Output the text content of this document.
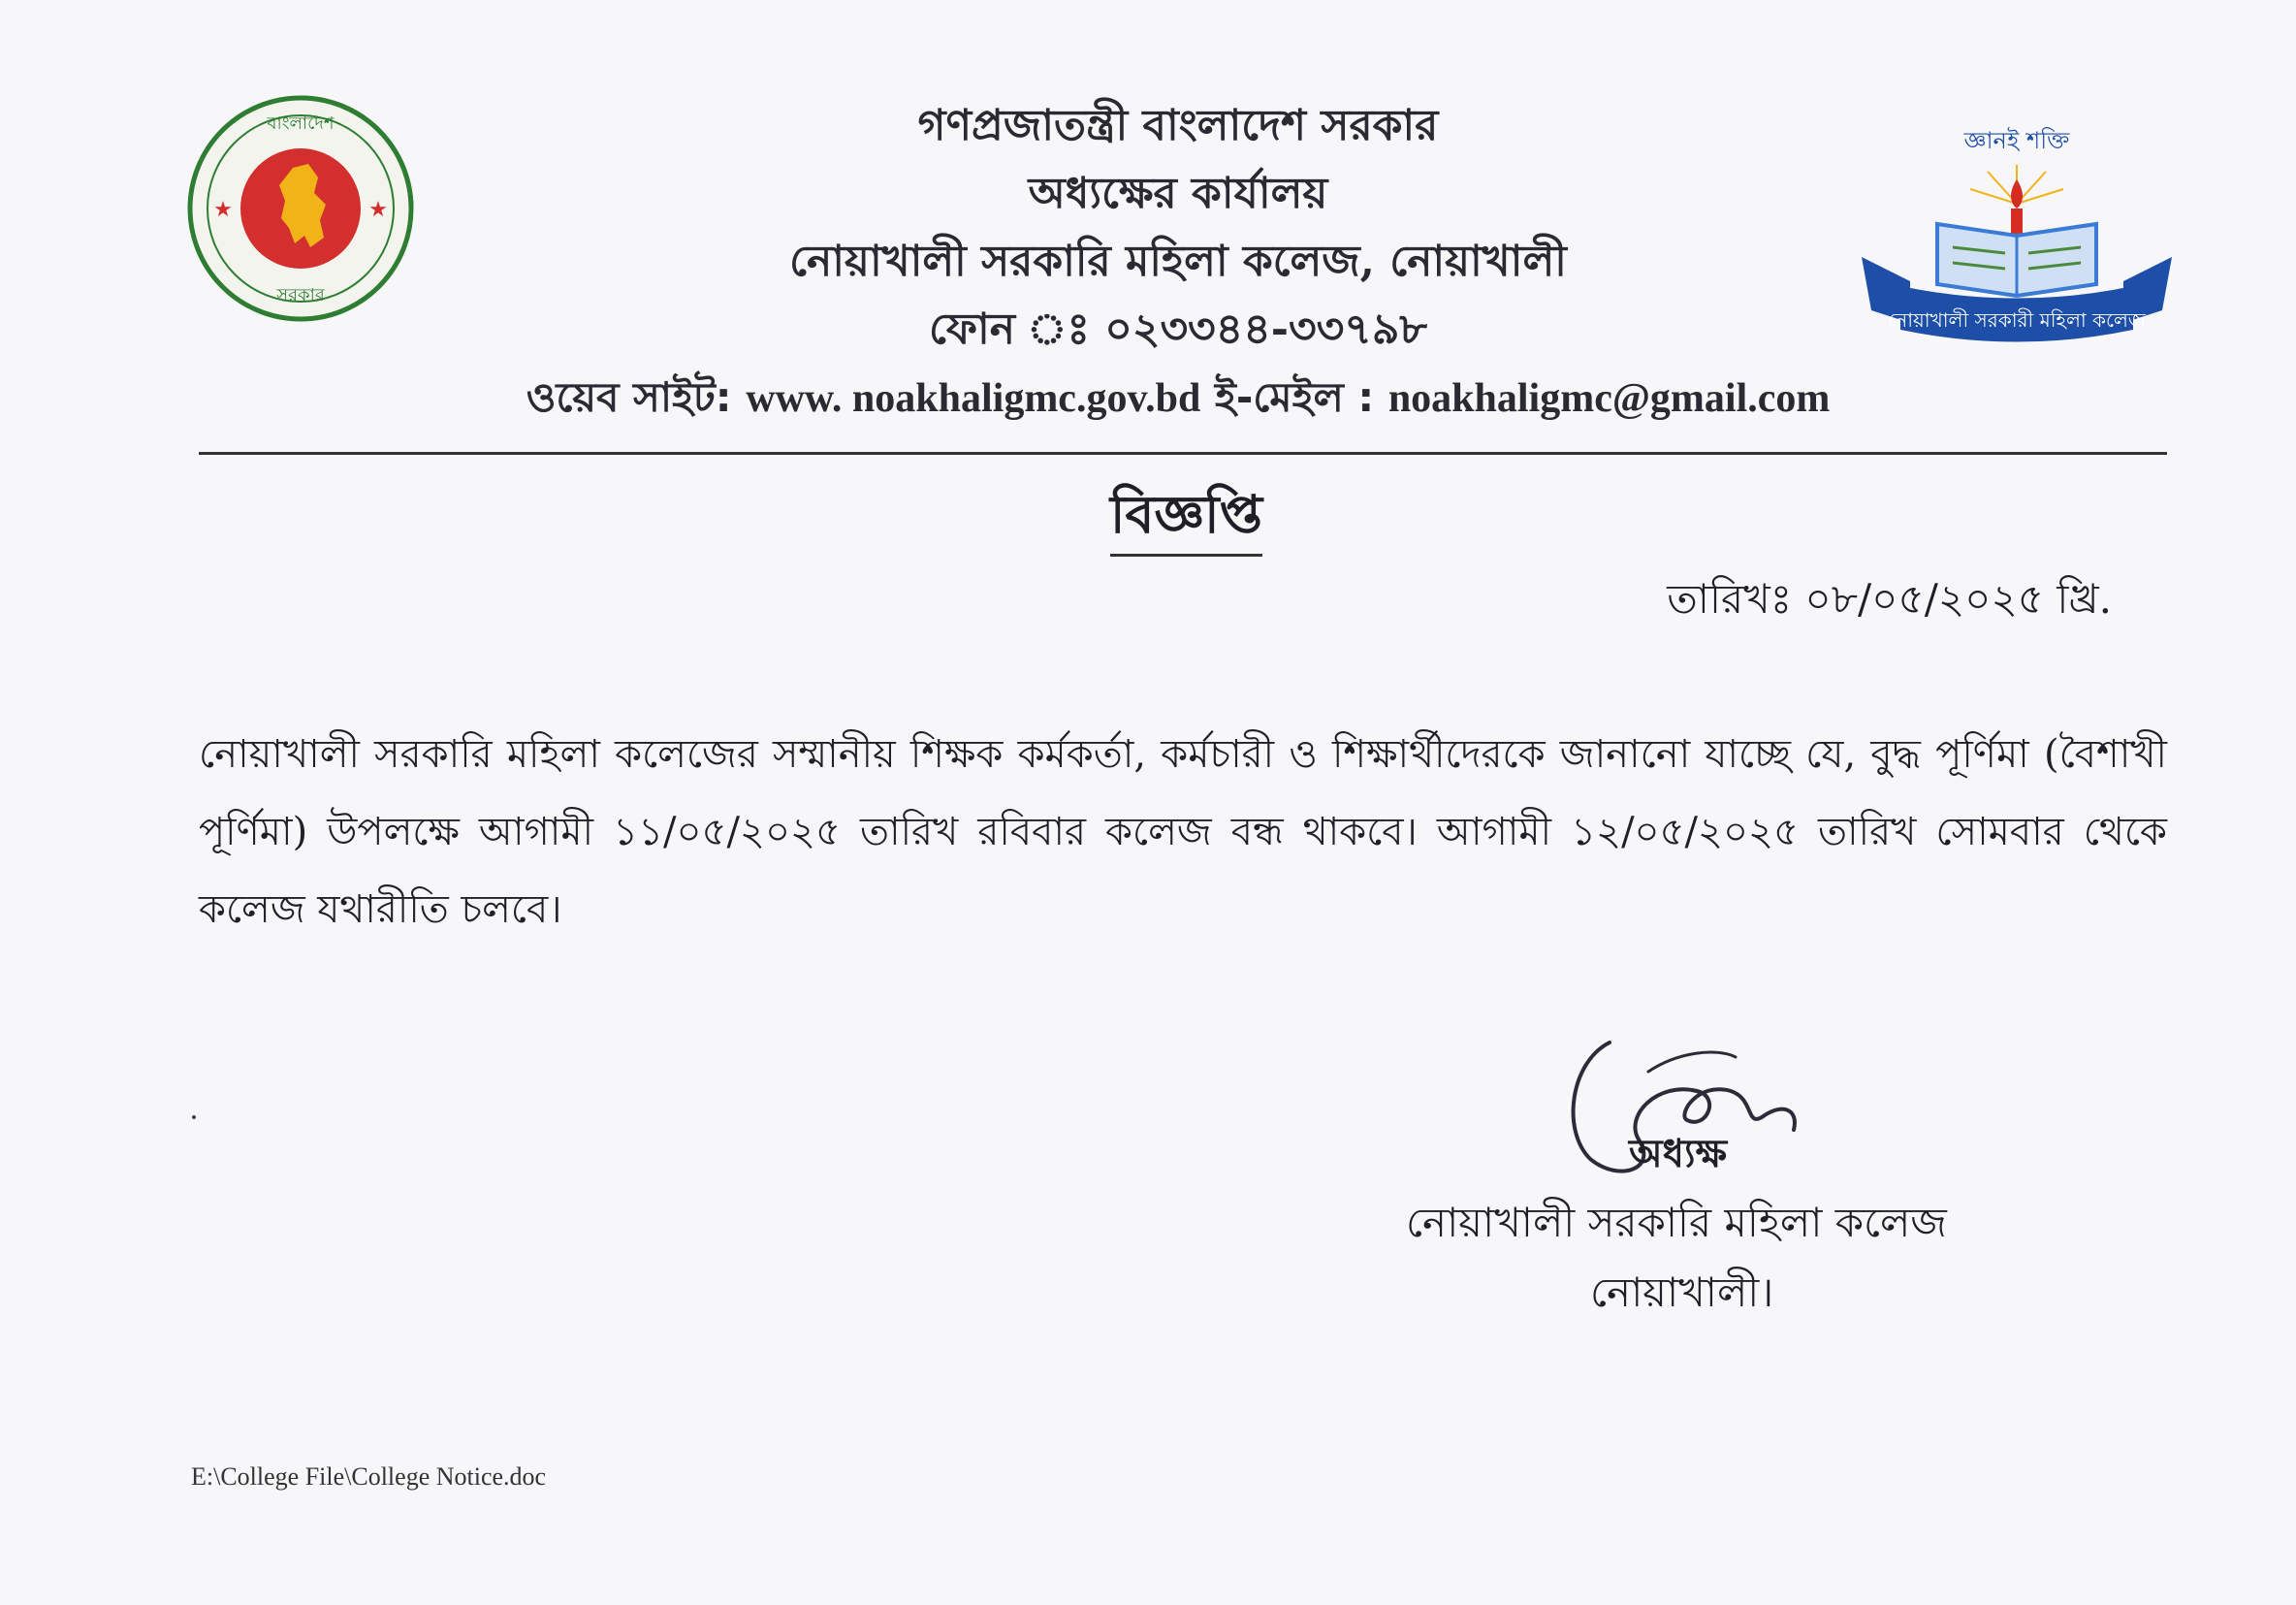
বাংলাদেশ
সরকার
★	★
গণপ্রজাতন্ত্রী বাংলাদেশ সরকার
অধ্যক্ষের কার্যালয়
নোয়াখালী সরকারি মহিলা কলেজ, নোয়াখালী
ফোন ঃ ০২৩৩৪৪-৩৩৭৯৮
ওয়েব সাইট: www. noakhaligmc.gov.bd ই-মেইল : noakhaligmc@gmail.com
জ্ঞানই শক্তি
নোয়াখালী সরকারী মহিলা কলেজ
বিজ্ঞপ্তি
তারিখঃ ০৮/০৫/২০২৫ খ্রি.
নোয়াখালী সরকারি মহিলা কলেজের সম্মানীয় শিক্ষক কর্মকর্তা, কর্মচারী ও শিক্ষার্থীদেরকে জানানো যাচ্ছে যে, বুদ্ধ পূর্ণিমা (বৈশাখী পূর্ণিমা) উপলক্ষে আগামী ১১/০৫/২০২৫ তারিখ রবিবার কলেজ বন্ধ থাকবে। আগামী ১২/০৫/২০২৫ তারিখ সোমবার থেকে কলেজ যথারীতি চলবে।
অধ্যক্ষ
নোয়াখালী সরকারি মহিলা কলেজ
নোয়াখালী।
E:\College File\College Notice.doc
